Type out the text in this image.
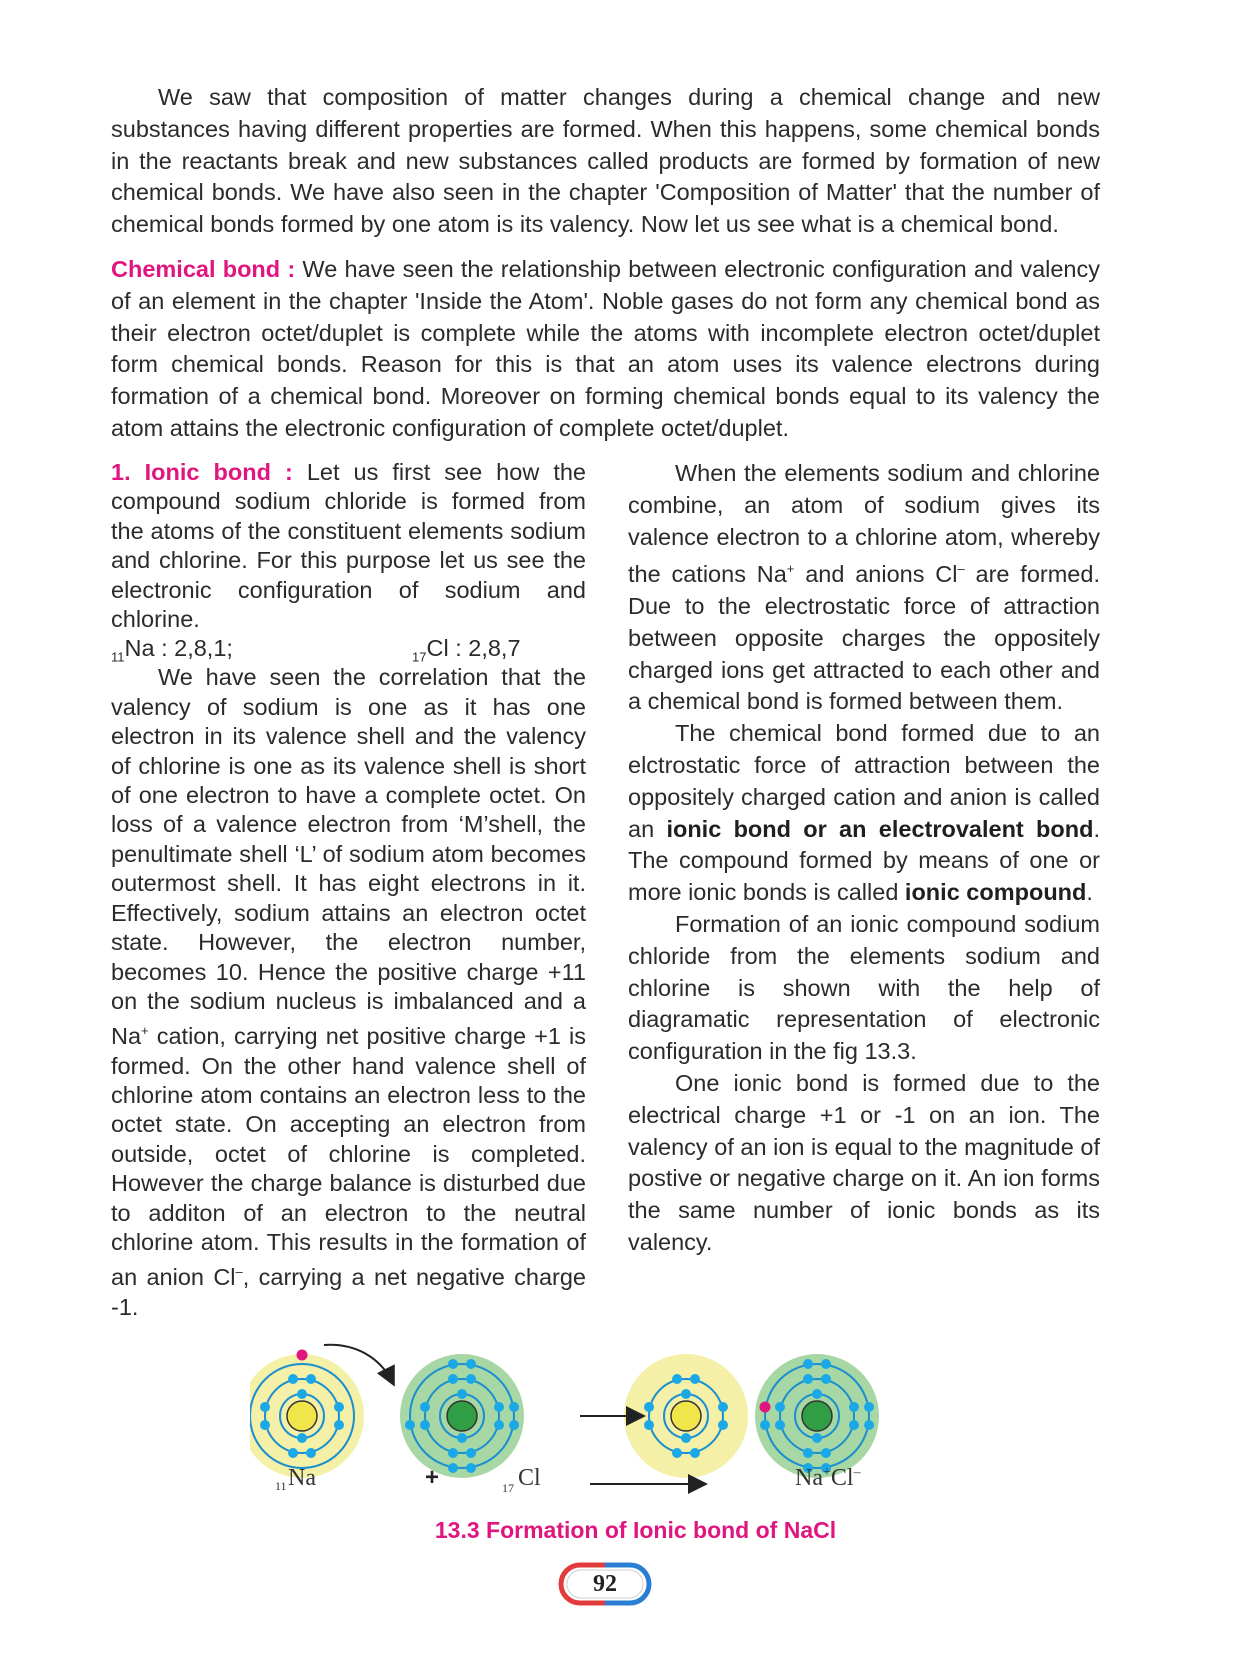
We saw that composition of matter changes during a chemical change and new substances having different properties are formed. When this happens, some chemical bonds in the reactants break and new substances called products are formed by formation of new chemical bonds. We have also seen in the chapter 'Composition of Matter' that the number of chemical bonds formed by one atom is its valency. Now let us see what is a chemical bond.

Chemical bond : We have seen the relationship between electronic configuration and valency of an element in the chapter 'Inside the Atom'. Noble gases do not form any chemical bond as their electron octet/duplet is complete while the atoms with incomplete electron octet/duplet form chemical bonds. Reason for this is that an atom uses its valence electrons during formation of a chemical bond. Moreover on forming chemical bonds equal to its valency the atom attains the electronic configuration of complete octet/duplet.

1. Ionic bond : Let us first see how the compound sodium chloride is formed from the atoms of the constituent elements sodium and chlorine. For this purpose let us see the electronic configuration of sodium and chlorine.

$_{11}$Na : 2,8,1;	$_{17}$Cl : 2,8,7

We have seen the correlation that the valency of sodium is one as it has one electron in its valence shell and the valency of chlorine is one as its valence shell is short of one electron to have a complete octet. On loss of a valence electron from ‘M’shell, the penultimate shell ‘L’ of sodium atom becomes outermost shell. It has eight electrons in it. Effectively, sodium attains an electron octet state. However, the electron number, becomes 10. Hence the positive charge +11 on the sodium nucleus is imbalanced and a Na+ cation, carrying net positive charge +1 is formed. On the other hand valence shell of chlorine atom contains an electron less to the octet state. On accepting an electron from outside, octet of chlorine is completed. However the charge balance is disturbed due to additon of an electron to the neutral chlorine atom. This results in the formation of an anion Cl–, carrying a net negative charge -1.

When the elements sodium and chlorine combine, an atom of sodium gives its valence electron to a chlorine atom, whereby the cations Na+ and anions Cl– are formed. Due to the electrostatic force of attraction between opposite charges the oppositely charged ions get attracted to each other and a chemical bond is formed between them.

The chemical bond formed due to an elctrostatic force of attraction between the oppositely charged cation and anion is called an ionic bond or an electrovalent bond. The compound formed by means of one or more ionic bonds is called ionic compound.

Formation of an ionic compound sodium chloride from the elements sodium and chlorine is shown with the help of diagramatic representation of electronic configuration in the fig 13.3.

One ionic bond is formed due to the electrical charge +1 or -1 on an ion. The valency of an ion is equal to the magnitude of postive or negative charge on it. An ion forms the same number of ionic bonds as its valency.

11 Na	+	17 Cl	Na+Cl–
13.3 Formation of Ionic bond of NaCl
92
